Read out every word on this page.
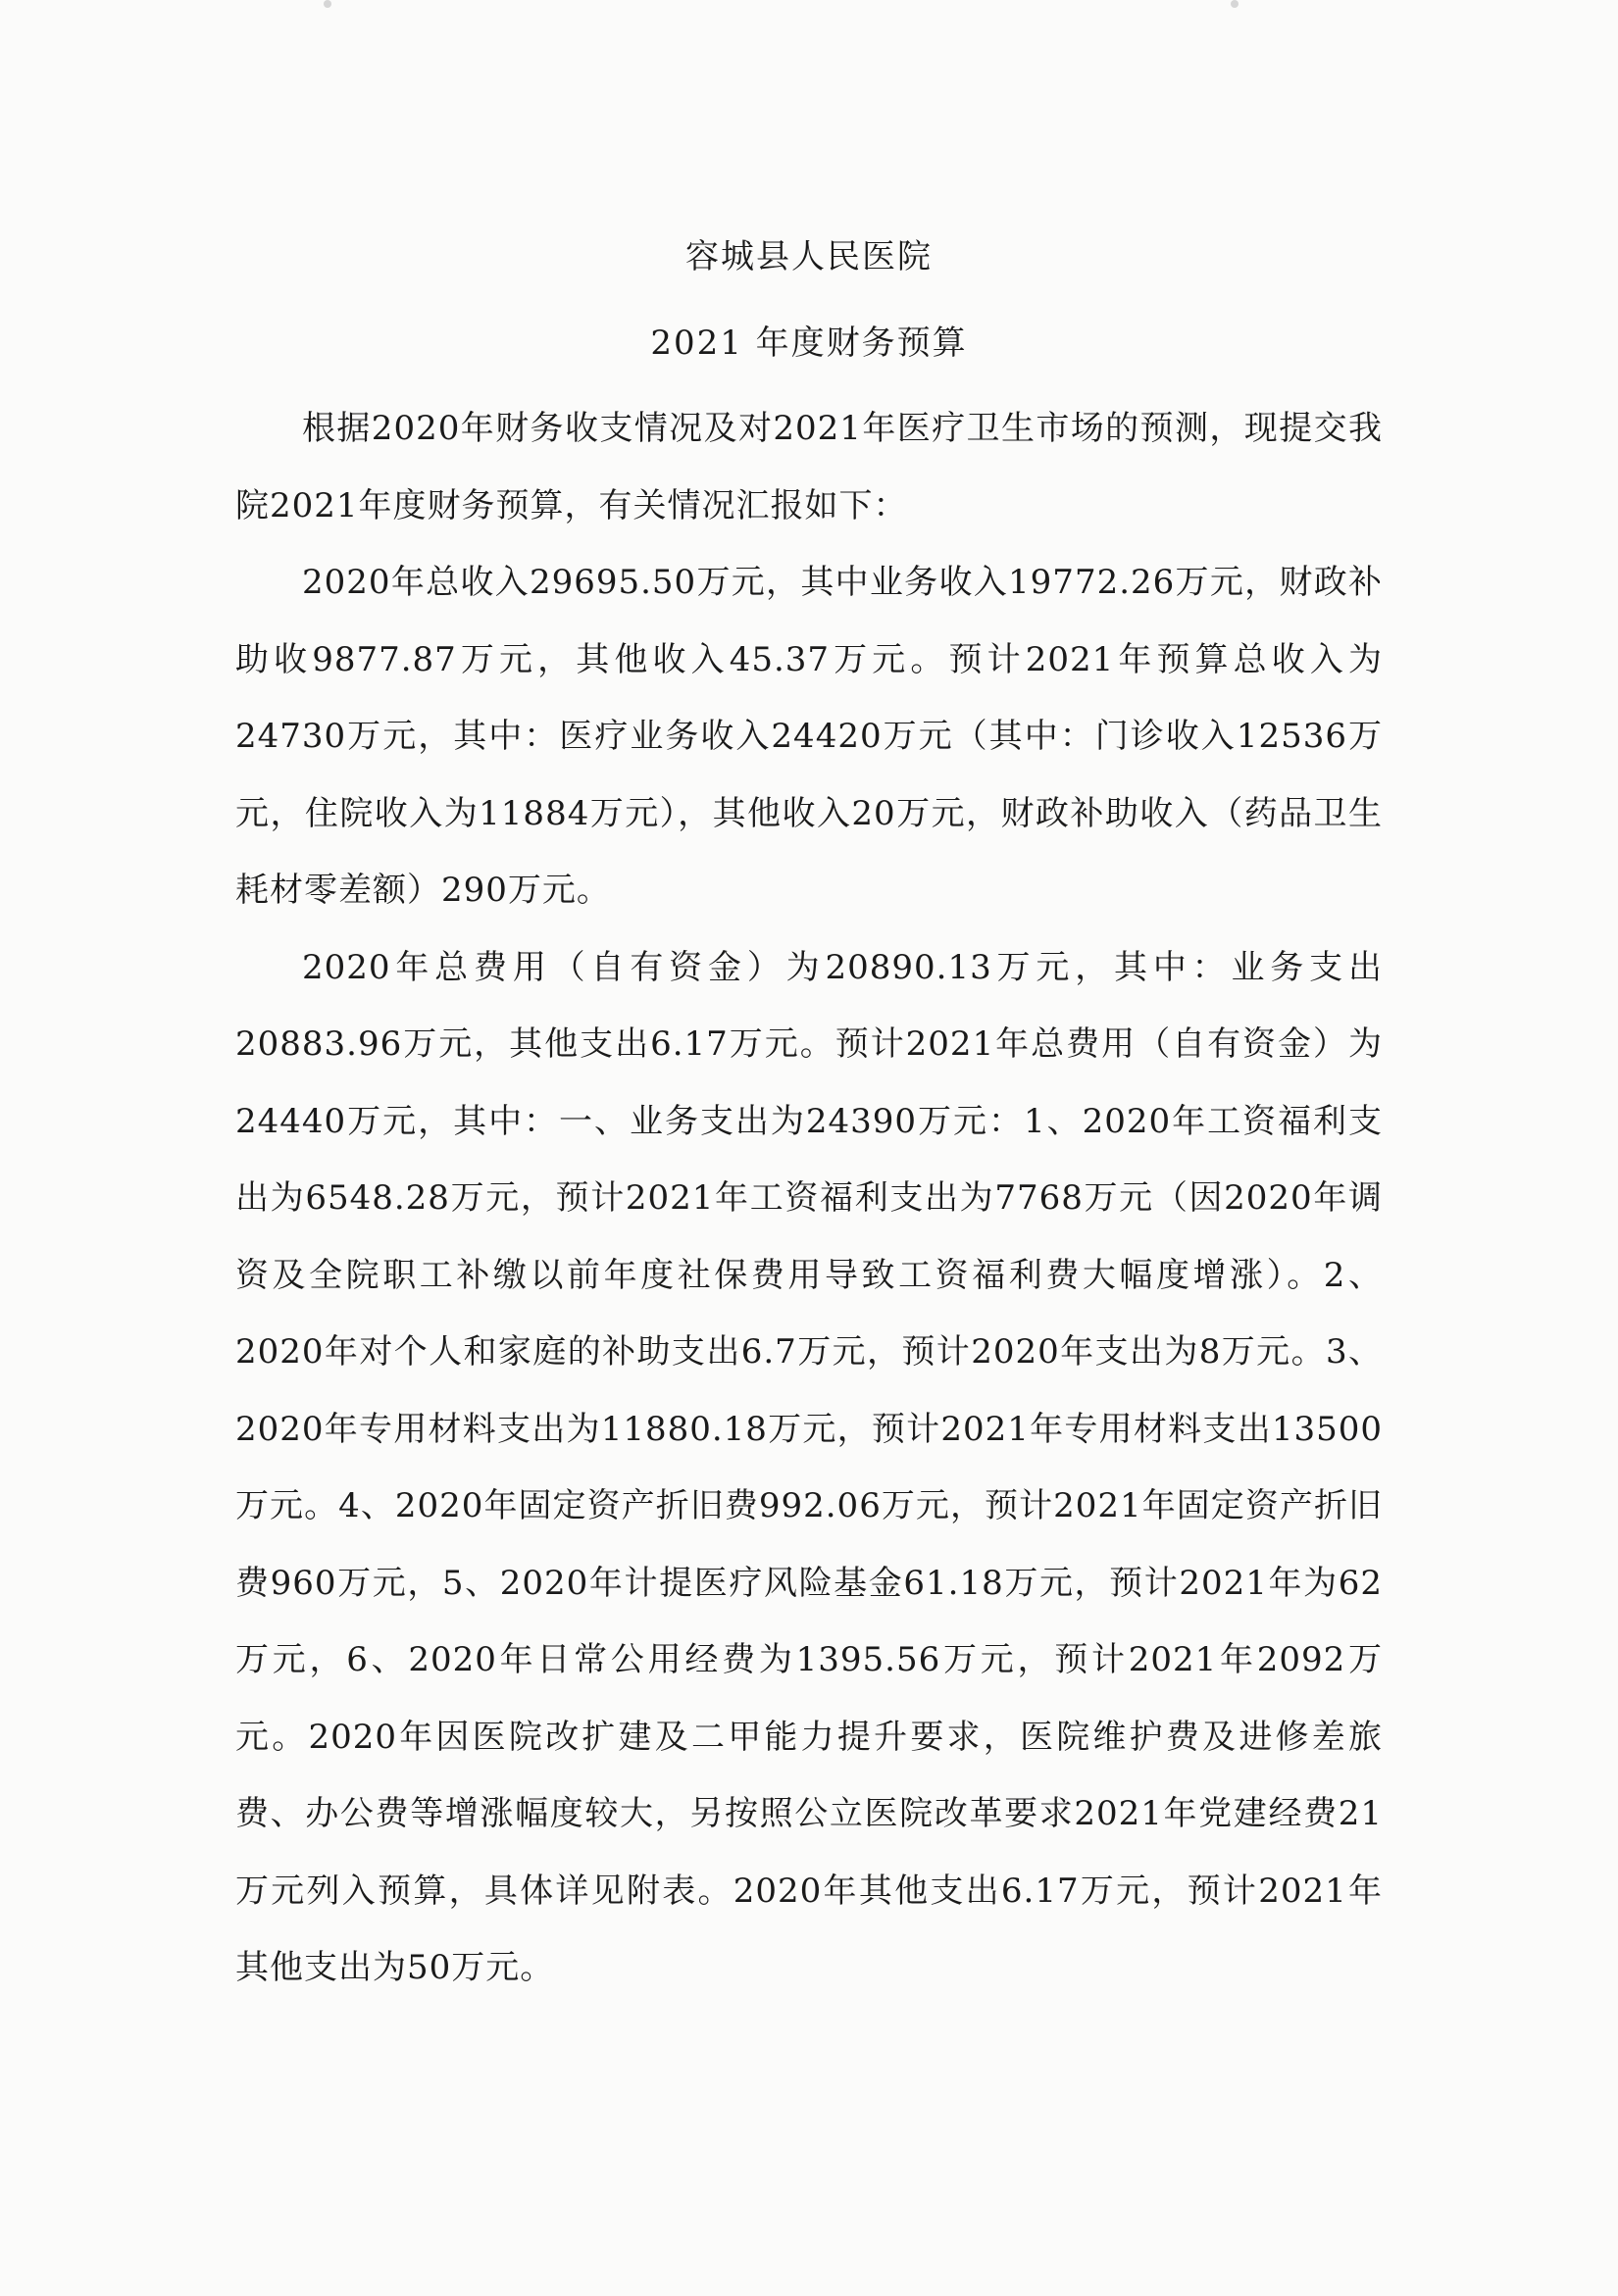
容城县人民医院
2021 年度财务预算

根据2020年财务收支情况及对2021年医疗卫生市场的预测，现提交我院2021年度财务预算，有关情况汇报如下：

2020年总收入29695.50万元，其中业务收入19772.26万元，财政补助收9877.87万元，其他收入45.37万元。预计2021年预算总收入为24730万元，其中：医疗业务收入24420万元（其中：门诊收入12536万元，住院收入为11884万元），其他收入20万元，财政补助收入（药品卫生耗材零差额）290万元。

2020年总费用（自有资金）为20890.13万元，其中：业务支出20883.96万元，其他支出6.17万元。预计2021年总费用（自有资金）为24440万元，其中：一、业务支出为24390万元：1、2020年工资福利支出为6548.28万元，预计2021年工资福利支出为7768万元（因2020年调资及全院职工补缴以前年度社保费用导致工资福利费大幅度增涨）。2、2020年对个人和家庭的补助支出6.7万元，预计2020年支出为8万元。3、2020年专用材料支出为11880.18万元，预计2021年专用材料支出13500万元。4、2020年固定资产折旧费992.06万元，预计2021年固定资产折旧费960万元，5、2020年计提医疗风险基金61.18万元，预计2021年为62万元，6、2020年日常公用经费为1395.56万元，预计2021年2092万元。2020年因医院改扩建及二甲能力提升要求，医院维护费及进修差旅费、办公费等增涨幅度较大，另按照公立医院改革要求2021年党建经费21万元列入预算，具体详见附表。2020年其他支出6.17万元，预计2021年其他支出为50万元。
